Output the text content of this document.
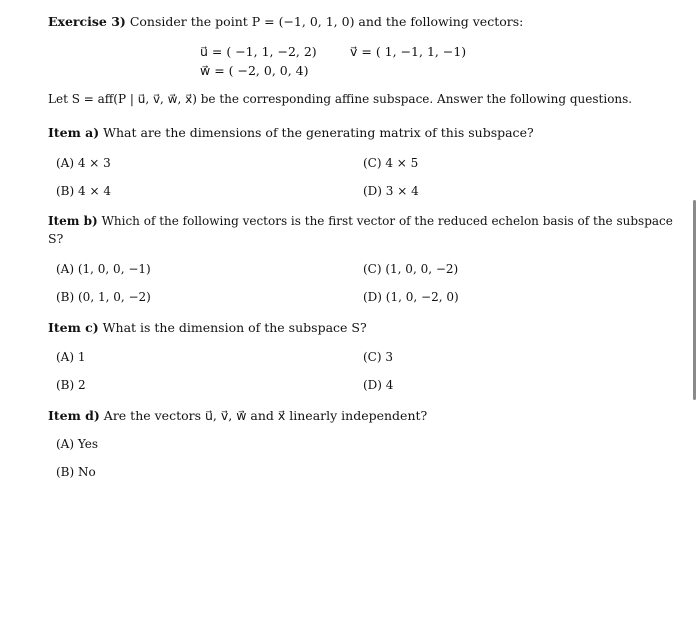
Exercise 3) Consider the point P = (−1, 0, 1, 0) and the following vectors:
u⃗ = ( −1, 1, −2, 2)	v⃗ = ( 1, −1, 1, −1)
w⃗ = ( −2, 0, 0, 4)
Let S = aff(P | u⃗, v⃗, w⃗, x⃗) be the corresponding affine subspace. Answer the following questions.
Item a) What are the dimensions of the generating matrix of this subspace?
(A) 4 × 3	(C) 4 × 5
(B) 4 × 4	(D) 3 × 4
Item b) Which of the following vectors is the first vector of the reduced echelon basis of the subspace
S?
(A) (1, 0, 0, −1)	(C) (1, 0, 0, −2)
(B) (0, 1, 0, −2)	(D) (1, 0, −2, 0)
Item c) What is the dimension of the subspace S?
(A) 1	(C) 3
(B) 2	(D) 4
Item d) Are the vectors u⃗, v⃗, w⃗ and x⃗ linearly independent?
(A) Yes
(B) No
